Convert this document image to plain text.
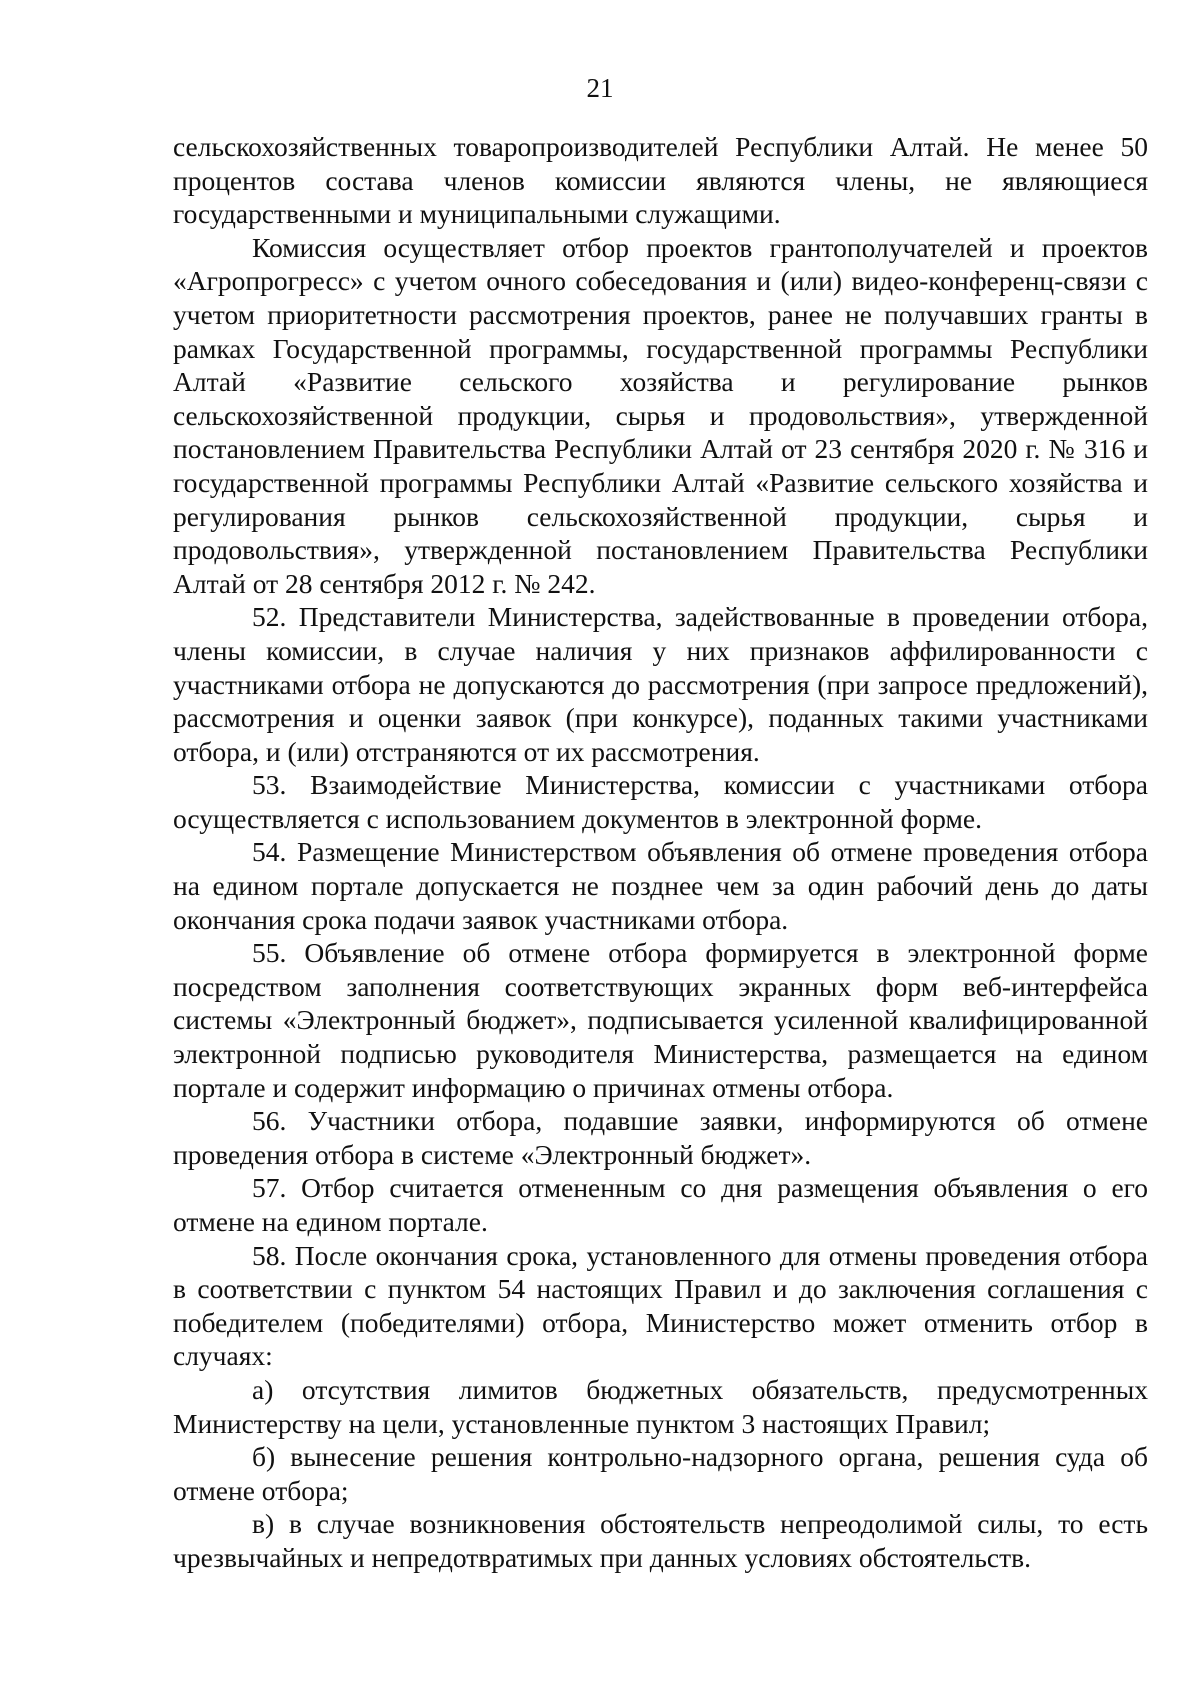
21

сельскохозяйственных товаропроизводителей Республики Алтай. Не менее 50 процентов состава членов комиссии являются члены, не являющиеся государственными и муниципальными служащими.

Комиссия осуществляет отбор проектов грантополучателей и проектов «Агропрогресс» с учетом очного собеседования и (или) видео-конференц-связи с учетом приоритетности рассмотрения проектов, ранее не получавших гранты в рамках Государственной программы, государственной программы Республики Алтай «Развитие сельского хозяйства и регулирование рынков сельскохозяйственной продукции, сырья и продовольствия», утвержденной постановлением Правительства Республики Алтай от 23 сентября 2020 г. № 316 и государственной программы Республики Алтай «Развитие сельского хозяйства и регулирования рынков сельскохозяйственной продукции, сырья и продовольствия», утвержденной постановлением Правительства Республики Алтай от 28 сентября 2012 г. № 242.

52. Представители Министерства, задействованные в проведении отбора, члены комиссии, в случае наличия у них признаков аффилированности с участниками отбора не допускаются до рассмотрения (при запросе предложений), рассмотрения и оценки заявок (при конкурсе), поданных такими участниками отбора, и (или) отстраняются от их рассмотрения.

53. Взаимодействие Министерства, комиссии с участниками отбора осуществляется с использованием документов в электронной форме.

54. Размещение Министерством объявления об отмене проведения отбора на едином портале допускается не позднее чем за один рабочий день до даты окончания срока подачи заявок участниками отбора.

55. Объявление об отмене отбора формируется в электронной форме посредством заполнения соответствующих экранных форм веб-интерфейса системы «Электронный бюджет», подписывается усиленной квалифицированной электронной подписью руководителя Министерства, размещается на едином портале и содержит информацию о причинах отмены отбора.

56. Участники отбора, подавшие заявки, информируются об отмене проведения отбора в системе «Электронный бюджет».

57. Отбор считается отмененным со дня размещения объявления о его отмене на едином портале.

58. После окончания срока, установленного для отмены проведения отбора в соответствии с пунктом 54 настоящих Правил и до заключения соглашения с победителем (победителями) отбора, Министерство может отменить отбор в случаях:

а) отсутствия лимитов бюджетных обязательств, предусмотренных Министерству на цели, установленные пунктом 3 настоящих Правил;

б) вынесение решения контрольно-надзорного органа, решения суда об отмене отбора;

в) в случае возникновения обстоятельств непреодолимой силы, то есть чрезвычайных и непредотвратимых при данных условиях обстоятельств.
